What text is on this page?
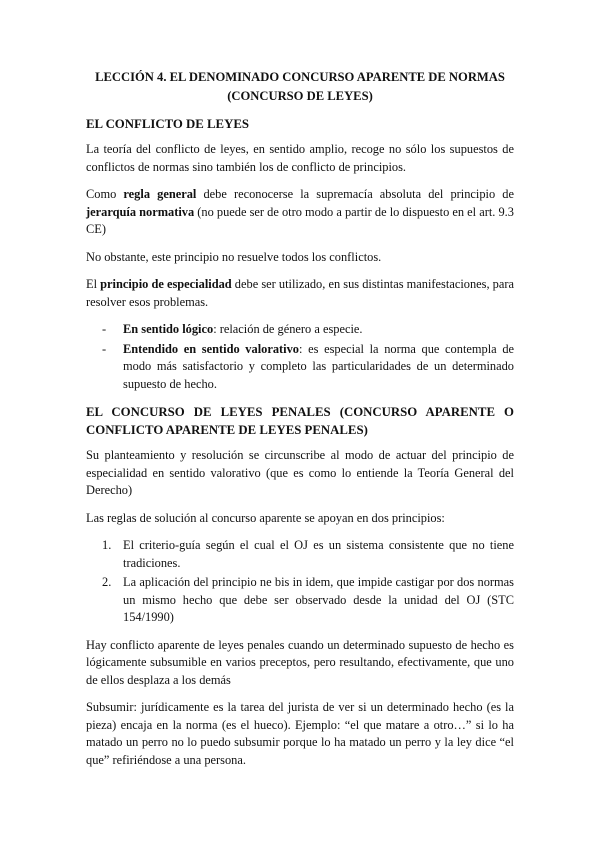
LECCIÓN 4. EL DENOMINADO CONCURSO APARENTE DE NORMAS
(CONCURSO DE LEYES)
EL CONFLICTO DE LEYES

La teoría del conflicto de leyes, en sentido amplio, recoge no sólo los supuestos de conflictos de normas sino también los de conflicto de principios.

Como regla general debe reconocerse la supremacía absoluta del principio de jerarquía normativa (no puede ser de otro modo a partir de lo dispuesto en el art. 9.3 CE)

No obstante, este principio no resuelve todos los conflictos.

El principio de especialidad debe ser utilizado, en sus distintas manifestaciones, para resolver esos problemas.

- En sentido lógico: relación de género a especie.
- Entendido en sentido valorativo: es especial la norma que contempla de modo más satisfactorio y completo las particularidades de un determinado supuesto de hecho.
EL CONCURSO DE LEYES PENALES (CONCURSO APARENTE O CONFLICTO APARENTE DE LEYES PENALES)

Su planteamiento y resolución se circunscribe al modo de actuar del principio de especialidad en sentido valorativo (que es como lo entiende la Teoría General del Derecho)

Las reglas de solución al concurso aparente se apoyan en dos principios:

1. El criterio-guía según el cual el OJ es un sistema consistente que no tiene tradiciones.
2. La aplicación del principio ne bis in idem, que impide castigar por dos normas un mismo hecho que debe ser observado desde la unidad del OJ (STC 154/1990)

Hay conflicto aparente de leyes penales cuando un determinado supuesto de hecho es lógicamente subsumible en varios preceptos, pero resultando, efectivamente, que uno de ellos desplaza a los demás

Subsumir: jurídicamente es la tarea del jurista de ver si un determinado hecho (es la pieza) encaja en la norma (es el hueco). Ejemplo: “el que matare a otro…” si lo ha matado un perro no lo puedo subsumir porque lo ha matado un perro y la ley dice “el que” refiriéndose a una persona.
